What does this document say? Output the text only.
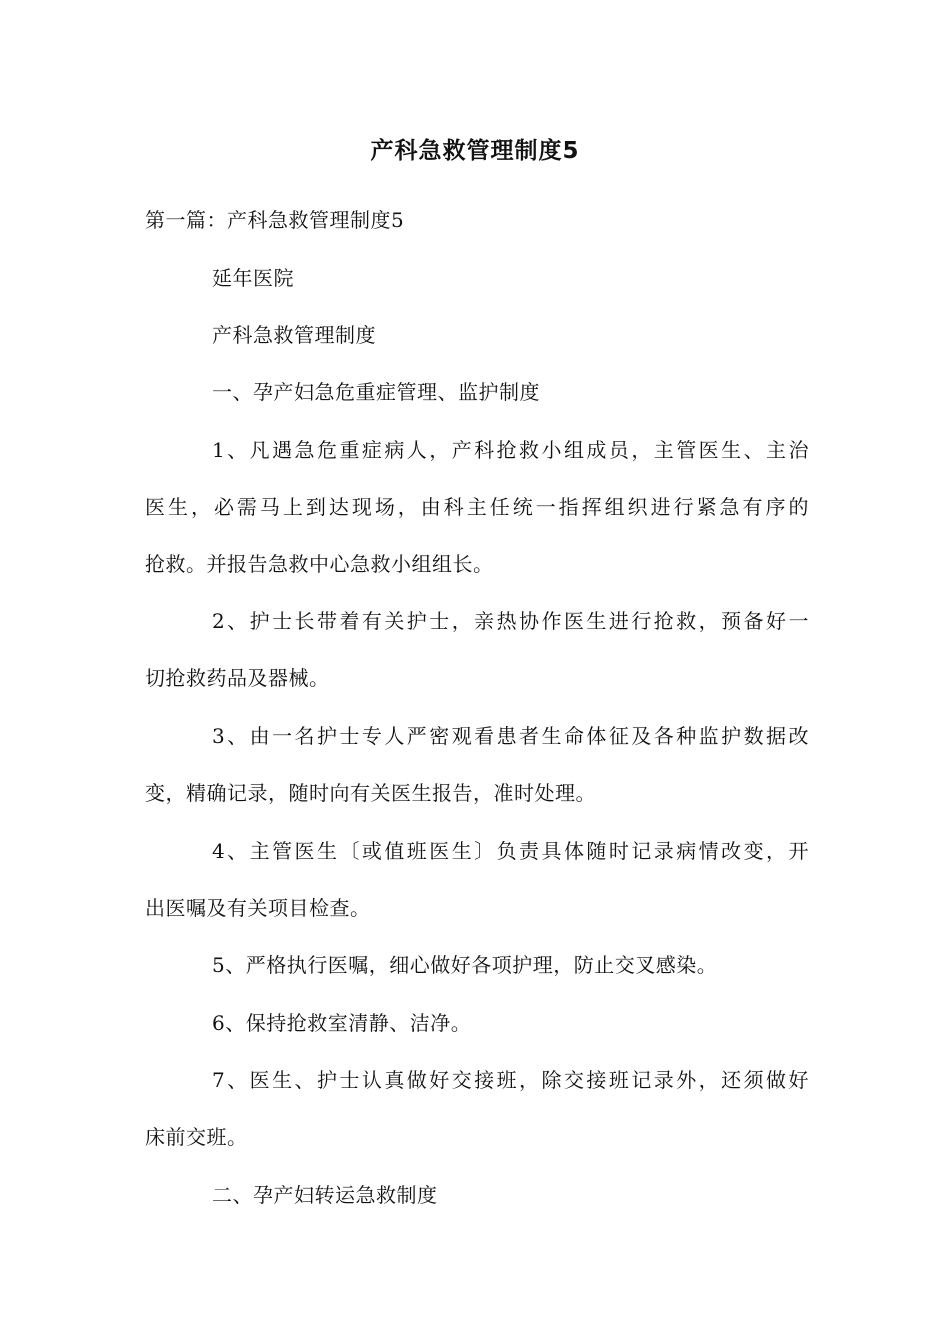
产科急救管理制度5
第一篇：产科急救管理制度5
延年医院
产科急救管理制度
一、孕产妇急危重症管理、监护制度
1、凡遇急危重症病人，产科抢救小组成员，主管医生、主治
医生，必需马上到达现场，由科主任统一指挥组织进行紧急有序的
抢救。并报告急救中心急救小组组长。
2、护士长带着有关护士，亲热协作医生进行抢救，预备好一
切抢救药品及器械。
3、由一名护士专人严密观看患者生命体征及各种监护数据改
变，精确记录，随时向有关医生报告，准时处理。
4、主管医生〔或值班医生〕负责具体随时记录病情改变，开
出医嘱及有关项目检查。
5、严格执行医嘱，细心做好各项护理，防止交叉感染。
6、保持抢救室清静、洁净。
7、医生、护士认真做好交接班，除交接班记录外，还须做好
床前交班。
二、孕产妇转运急救制度
